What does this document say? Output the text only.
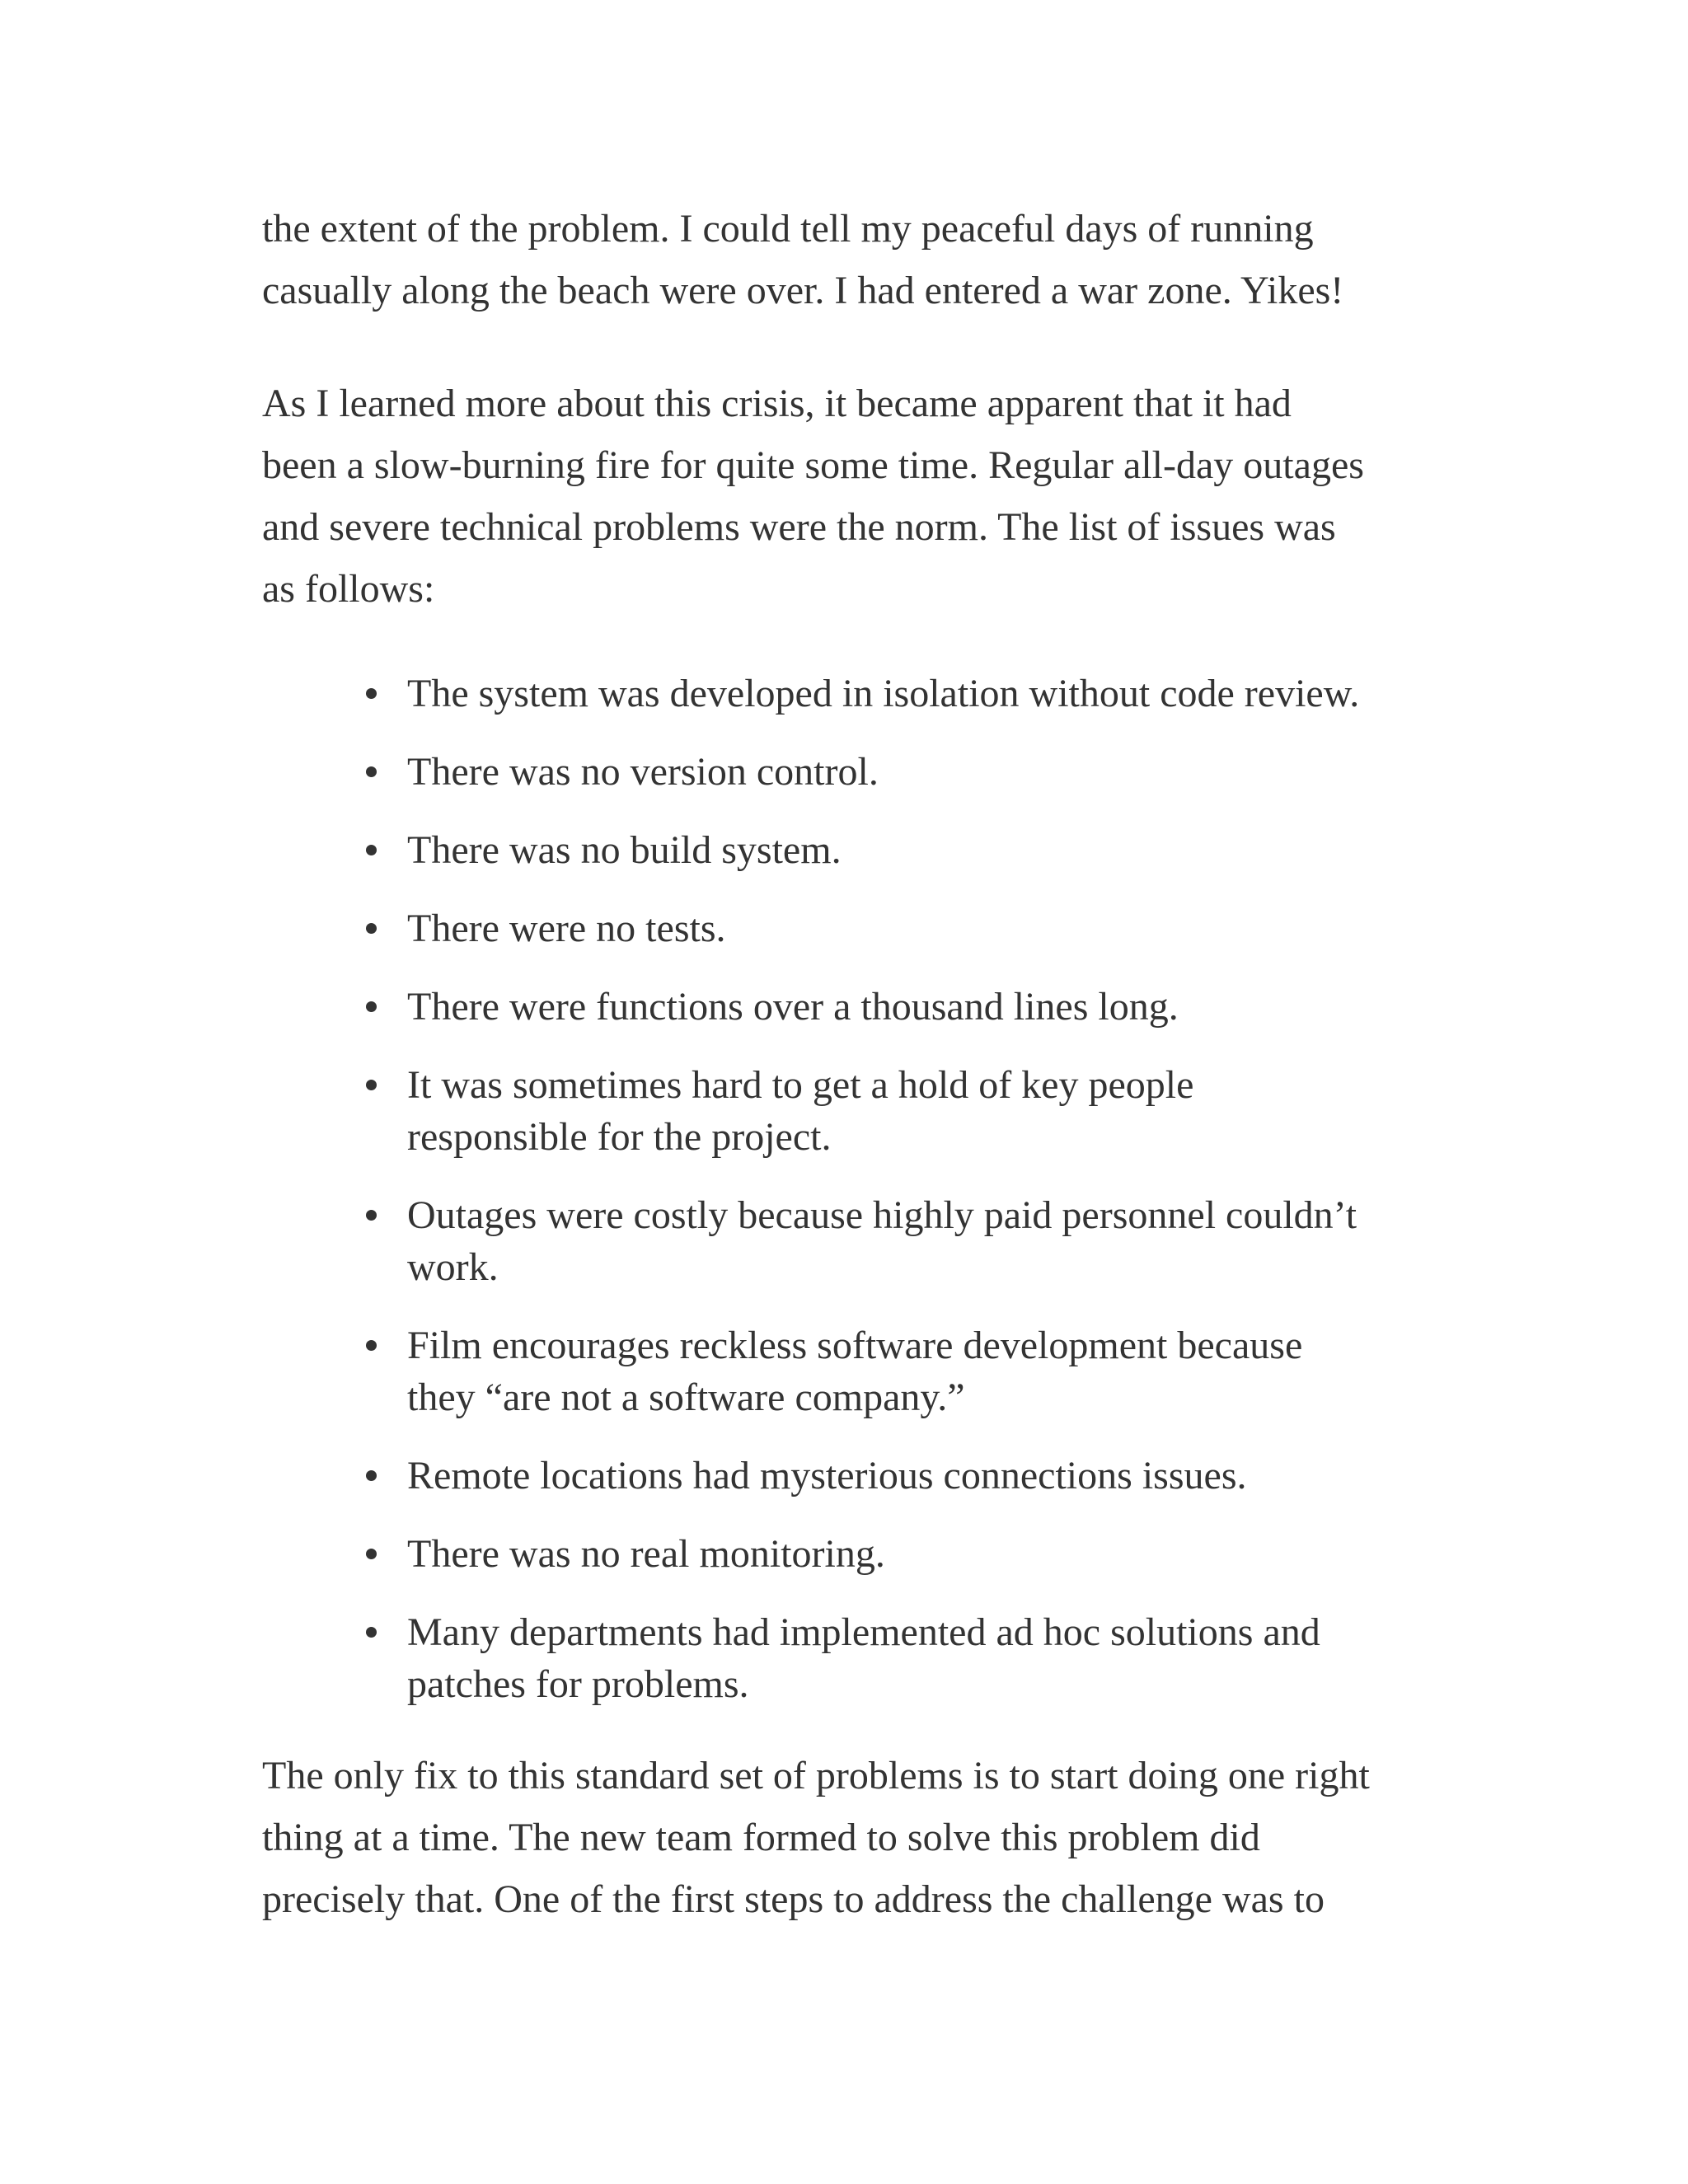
the extent of the problem. I could tell my peaceful days of running
casually along the beach were over. I had entered a war zone. Yikes!

As I learned more about this crisis, it became apparent that it had
been a slow-burning fire for quite some time. Regular all-day outages
and severe technical problems were the norm. The list of issues was
as follows:

The system was developed in isolation without code review.
There was no version control.
There was no build system.
There were no tests.
There were functions over a thousand lines long.
It was sometimes hard to get a hold of key people
responsible for the project.
Outages were costly because highly paid personnel couldn’t
work.
Film encourages reckless software development because
they “are not a software company.”
Remote locations had mysterious connections issues.
There was no real monitoring.
Many departments had implemented ad hoc solutions and
patches for problems.

The only fix to this standard set of problems is to start doing one right
thing at a time. The new team formed to solve this problem did
precisely that. One of the first steps to address the challenge was to
